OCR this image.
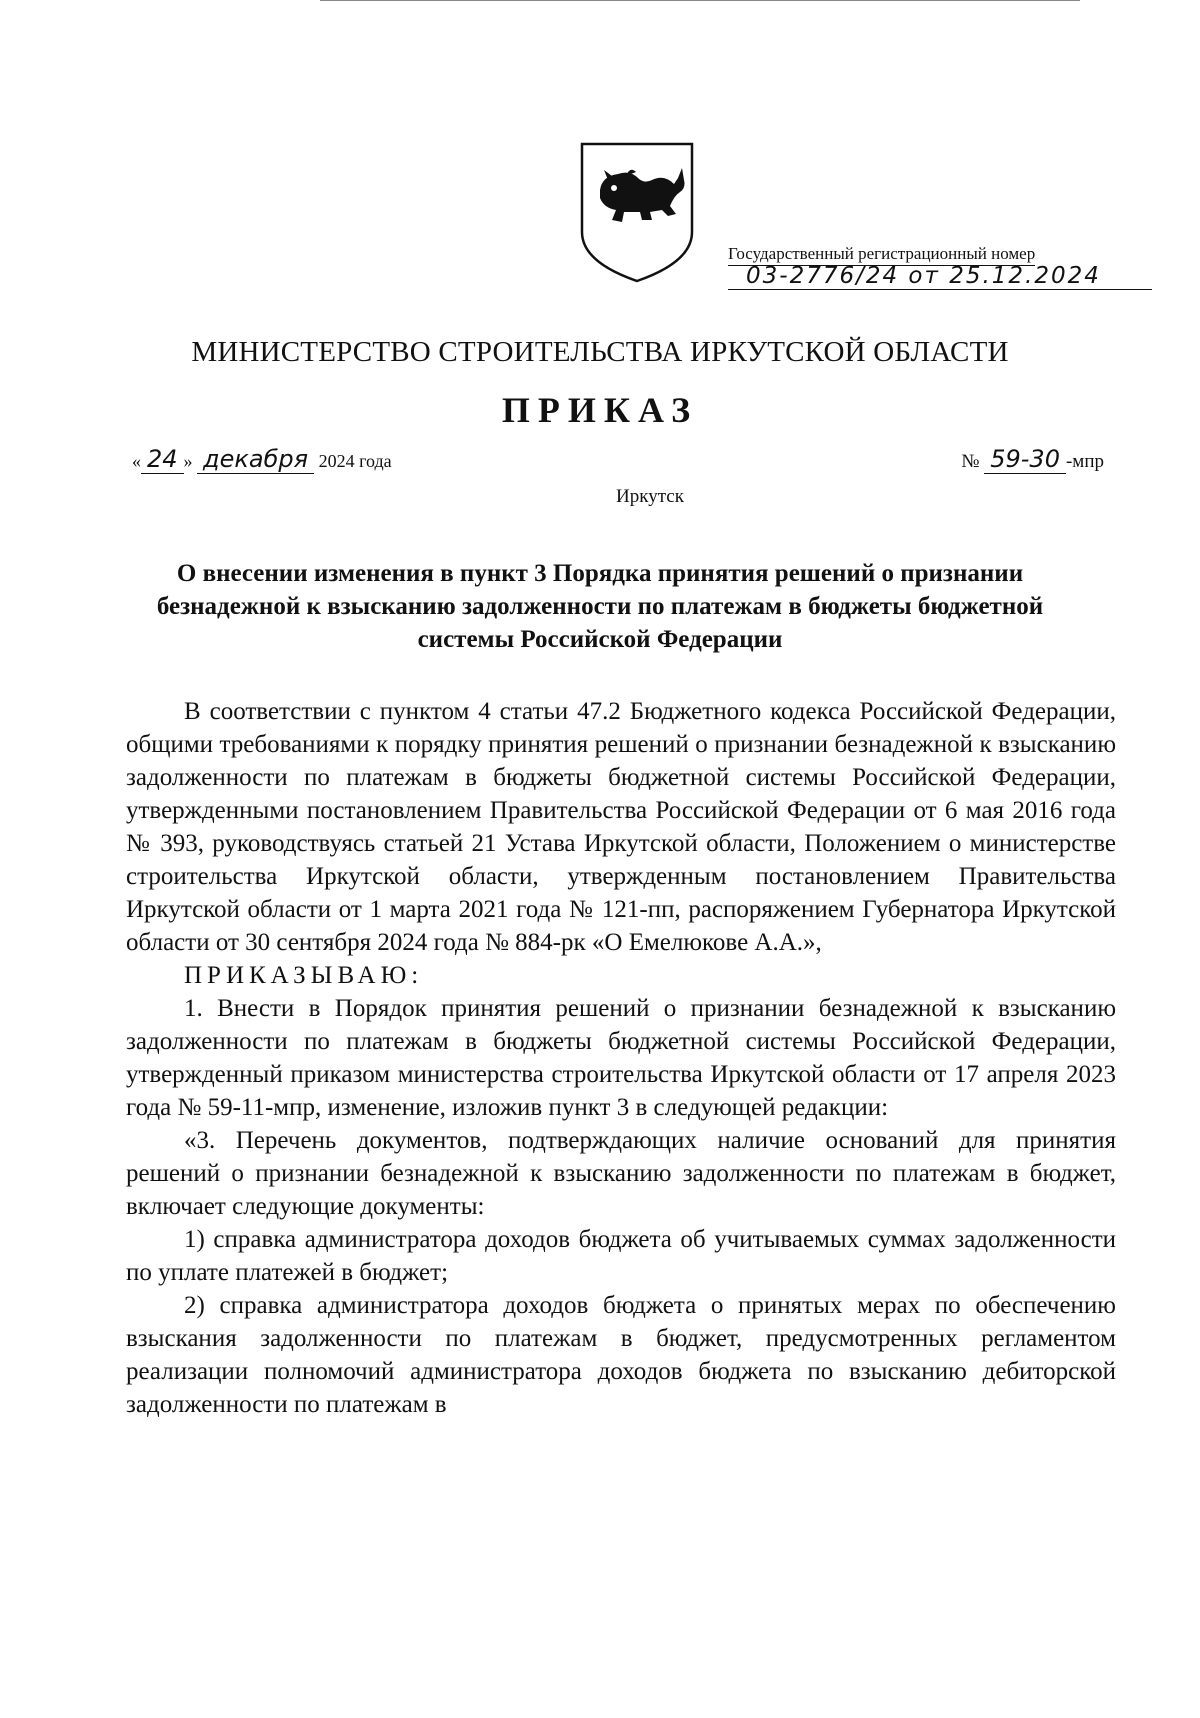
Государственный регистрационный номер
03-2776/24 от 25.12.2024
МИНИСТЕРСТВО СТРОИТЕЛЬСТВА ИРКУТСКОЙ ОБЛАСТИ
ПРИКАЗ
« 24 » декабря 2024 года	№ 59-30 -мпр
Иркутск
О внесении изменения в пункт 3 Порядка принятия решений о признании безнадежной к взысканию задолженности по платежам в бюджеты бюджетной системы Российской Федерации

В соответствии с пунктом 4 статьи 47.2 Бюджетного кодекса Российской Федерации, общими требованиями к порядку принятия решений о признании безнадежной к взысканию задолженности по платежам в бюджеты бюджетной системы Российской Федерации, утвержденными постановлением Правительства Российской Федерации от 6 мая 2016 года № 393, руководствуясь статьей 21 Устава Иркутской области, Положением о министерстве строительства Иркутской области, утвержденным постановлением Правительства Иркутской области от 1 марта 2021 года № 121-пп, распоряжением Губернатора Иркутской области от 30 сентября 2024 года № 884-рк «О Емелюкове А.А.»,

ПРИКАЗЫВАЮ:

1. Внести в Порядок принятия решений о признании безнадежной к взысканию задолженности по платежам в бюджеты бюджетной системы Российской Федерации, утвержденный приказом министерства строительства Иркутской области от 17 апреля 2023 года № 59-11-мпр, изменение, изложив пункт 3 в следующей редакции:

«3. Перечень документов, подтверждающих наличие оснований для принятия решений о признании безнадежной к взысканию задолженности по платежам в бюджет, включает следующие документы:

1) справка администратора доходов бюджета об учитываемых суммах задолженности по уплате платежей в бюджет;

2) справка администратора доходов бюджета о принятых мерах по обеспечению взыскания задолженности по платежам в бюджет, предусмотренных регламентом реализации полномочий администратора доходов бюджета по взысканию дебиторской задолженности по платежам в
